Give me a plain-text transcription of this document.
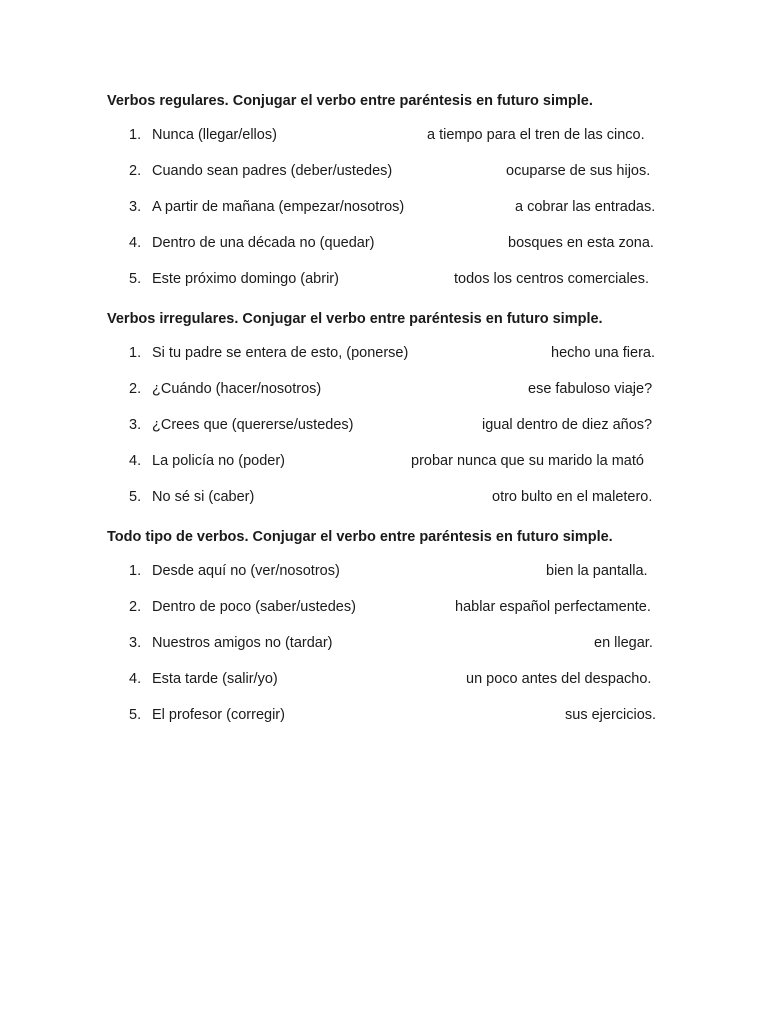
Verbos regulares. Conjugar el verbo entre paréntesis en futuro simple.
1. Nunca (llegar/ellos)	a tiempo para el tren de las cinco.
2. Cuando sean padres (deber/ustedes)	ocuparse de sus hijos.
3. A partir de mañana (empezar/nosotros)	a cobrar las entradas.
4. Dentro de una década no (quedar)	bosques en esta zona.
5. Este próximo domingo (abrir)	todos los centros comerciales.
Verbos irregulares. Conjugar el verbo entre paréntesis en futuro simple.
1. Si tu padre se entera de esto, (ponerse)	hecho una fiera.
2. ¿Cuándo (hacer/nosotros)	ese fabuloso viaje?
3. ¿Crees que (quererse/ustedes)	igual dentro de diez años?
4. La policía no (poder)	probar nunca que su marido la mató
5. No sé si (caber)	otro bulto en el maletero.
Todo tipo de verbos. Conjugar el verbo entre paréntesis en futuro simple.
1. Desde aquí no (ver/nosotros)	bien la pantalla.
2. Dentro de poco (saber/ustedes)	hablar español perfectamente.
3. Nuestros amigos no (tardar)	en llegar.
4. Esta tarde (salir/yo)	un poco antes del despacho.
5. El profesor (corregir)	sus ejercicios.
